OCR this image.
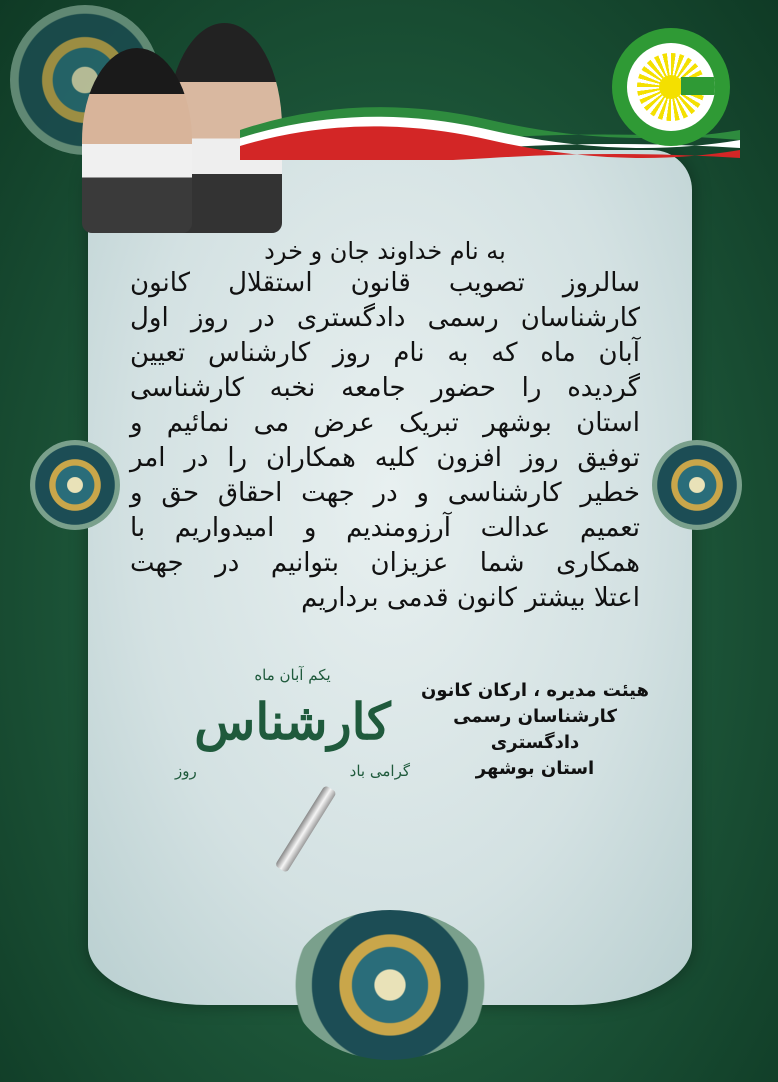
به نام خداوند جان و خرد

سالروز تصویب قانون استقلال کانون

کارشناسان رسمی دادگستری در روز اول

آبان ماه که به نام روز کارشناس تعیین

گردیده را حضور جامعه نخبه کارشناسی

استان بوشهر تبریک عرض می نمائیم و

توفیق روز افزون کلیه همکاران را در امر

خطیر کارشناسی و در جهت احقاق حق و

تعمیم عدالت آرزومندیم و امیدواریم با

همکاری شما عزیزان بتوانیم در جهت

اعتلا بیشتر کانون قدمی برداریم

یکم آبان ماه
کارشناس
گرامی باد
روز
هیئت مدیره ، ارکان کانون
کارشناسان رسمی دادگستری
استان بوشهر
